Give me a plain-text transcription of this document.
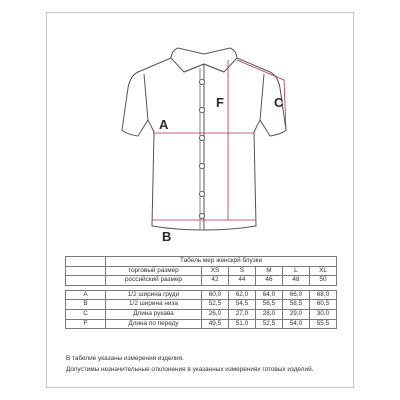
A
B
F	C
	Табель мер женскрй блузки					
	торговый размер	XS	S	M	L	XL
	российский размер	42	44	46	48	50

A	1/2 ширина груди	60,0	62,0	64,0	66,0	68,0
B	1/2 ширина низа	52,5	54,5	56,5	58,5	60,5
C	Длина рукава	26,0	27,0	28,0	29,0	30,0
F	Длина по переду	49,5	51,0	52,5	54,0	55,5
В табелие указаны измерения изделия.
Допустимы незначительные отклонения в указанных измерениях готовых изделий.
